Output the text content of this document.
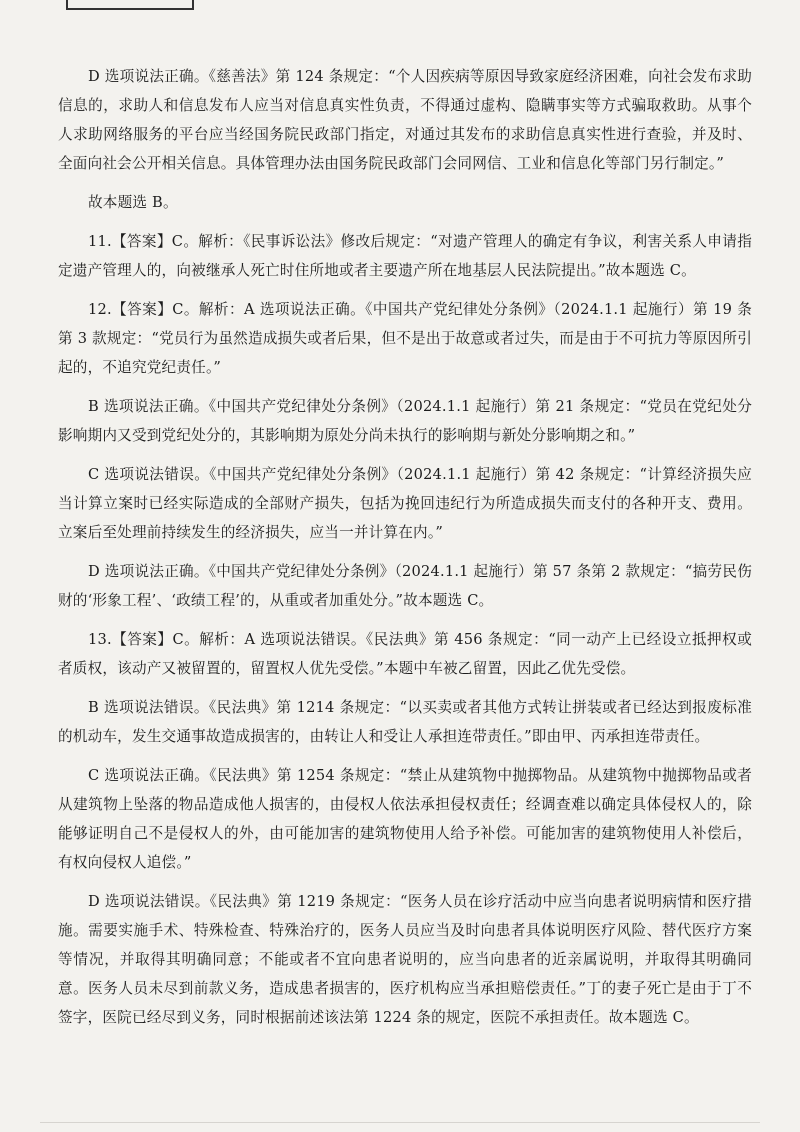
D 选项说法正确。《慈善法》第 124 条规定：“个人因疾病等原因导致家庭经济困难，向社会发布求助信息的，求助人和信息发布人应当对信息真实性负责，不得通过虚构、隐瞒事实等方式骗取救助。从事个人求助网络服务的平台应当经国务院民政部门指定，对通过其发布的求助信息真实性进行查验，并及时、全面向社会公开相关信息。具体管理办法由国务院民政部门会同网信、工业和信息化等部门另行制定。”

故本题选 B。

11.【答案】C。解析：《民事诉讼法》修改后规定：“对遗产管理人的确定有争议，利害关系人申请指定遗产管理人的，向被继承人死亡时住所地或者主要遗产所在地基层人民法院提出。”故本题选 C。

12.【答案】C。解析：A 选项说法正确。《中国共产党纪律处分条例》（2024.1.1 起施行）第 19 条第 3 款规定：“党员行为虽然造成损失或者后果，但不是出于故意或者过失，而是由于不可抗力等原因所引起的，不追究党纪责任。”

B 选项说法正确。《中国共产党纪律处分条例》（2024.1.1 起施行）第 21 条规定：“党员在党纪处分影响期内又受到党纪处分的，其影响期为原处分尚未执行的影响期与新处分影响期之和。”

C 选项说法错误。《中国共产党纪律处分条例》（2024.1.1 起施行）第 42 条规定：“计算经济损失应当计算立案时已经实际造成的全部财产损失，包括为挽回违纪行为所造成损失而支付的各种开支、费用。立案后至处理前持续发生的经济损失，应当一并计算在内。”

D 选项说法正确。《中国共产党纪律处分条例》（2024.1.1 起施行）第 57 条第 2 款规定：“搞劳民伤财的‘形象工程’、‘政绩工程’的，从重或者加重处分。”故本题选 C。

13.【答案】C。解析：A 选项说法错误。《民法典》第 456 条规定：“同一动产上已经设立抵押权或者质权，该动产又被留置的，留置权人优先受偿。”本题中车被乙留置，因此乙优先受偿。

B 选项说法错误。《民法典》第 1214 条规定：“以买卖或者其他方式转让拼装或者已经达到报废标准的机动车，发生交通事故造成损害的，由转让人和受让人承担连带责任。”即由甲、丙承担连带责任。

C 选项说法正确。《民法典》第 1254 条规定：“禁止从建筑物中抛掷物品。从建筑物中抛掷物品或者从建筑物上坠落的物品造成他人损害的，由侵权人依法承担侵权责任；经调查难以确定具体侵权人的，除能够证明自己不是侵权人的外，由可能加害的建筑物使用人给予补偿。可能加害的建筑物使用人补偿后，有权向侵权人追偿。”

D 选项说法错误。《民法典》第 1219 条规定：“医务人员在诊疗活动中应当向患者说明病情和医疗措施。需要实施手术、特殊检查、特殊治疗的，医务人员应当及时向患者具体说明医疗风险、替代医疗方案等情况，并取得其明确同意；不能或者不宜向患者说明的，应当向患者的近亲属说明，并取得其明确同意。医务人员未尽到前款义务，造成患者损害的，医疗机构应当承担赔偿责任。”丁的妻子死亡是由于丁不签字，医院已经尽到义务，同时根据前述该法第 1224 条的规定，医院不承担责任。故本题选 C。
